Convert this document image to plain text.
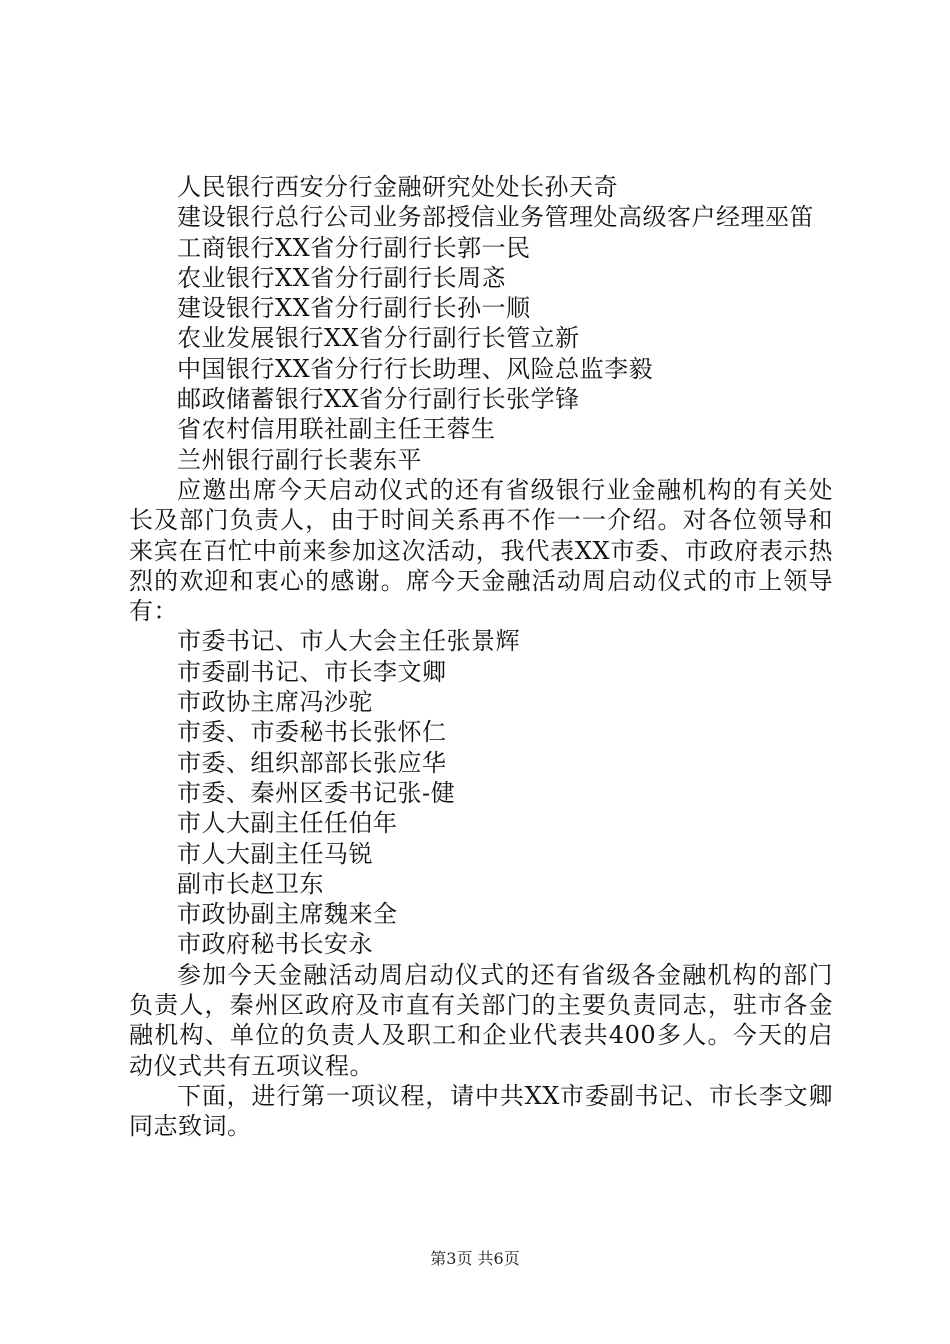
人民银行西安分行金融研究处处长孙天奇

建设银行总行公司业务部授信业务管理处高级客户经理巫笛

工商银行XX省分行副行长郭一民

农业银行XX省分行副行长周忞

建设银行XX省分行副行长孙一顺

农业发展银行XX省分行副行长管立新

中国银行XX省分行行长助理、风险总监李毅

邮政储蓄银行XX省分行副行长张学锋

省农村信用联社副主任王蓉生

兰州银行副行长裴东平

应邀出席今天启动仪式的还有省级银行业金融机构的有关处长及部门负责人，由于时间关系再不作一一介绍。对各位领导和来宾在百忙中前来参加这次活动，我代表XX市委、市政府表示热烈的欢迎和衷心的感谢。席今天金融活动周启动仪式的市上领导有：

市委书记、市人大会主任张景辉

市委副书记、市长李文卿

市政协主席冯沙驼

市委、市委秘书长张怀仁

市委、组织部部长张应华

市委、秦州区委书记张-健

市人大副主任任伯年

市人大副主任马锐

副市长赵卫东

市政协副主席魏来全

市政府秘书长安永

参加今天金融活动周启动仪式的还有省级各金融机构的部门负责人，秦州区政府及市直有关部门的主要负责同志，驻市各金融机构、单位的负责人及职工和企业代表共400多人。今天的启动仪式共有五项议程。

下面，进行第一项议程，请中共XX市委副书记、市长李文卿同志致词。

第3页 共6页
